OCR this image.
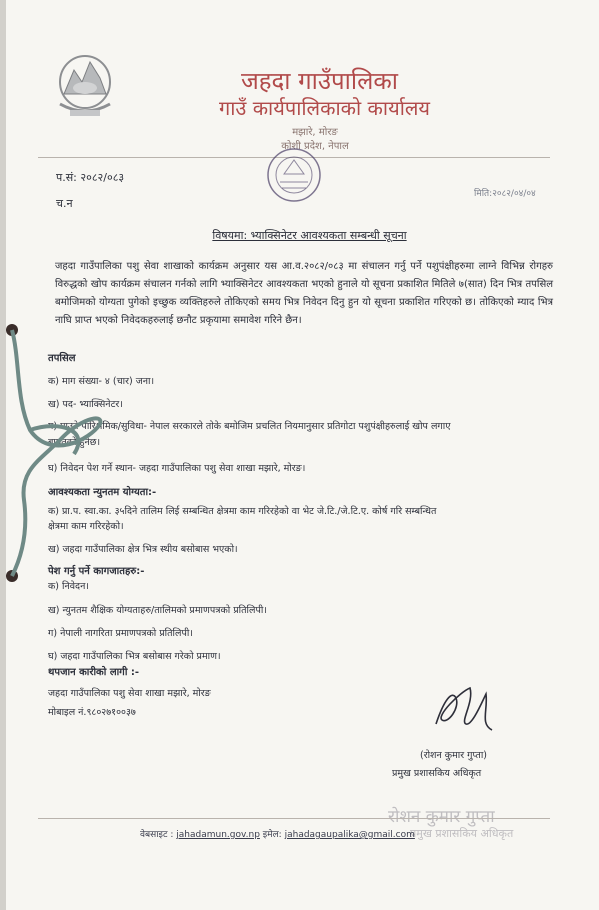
जहदा गाउँपालिका
गाउँ कार्यपालिकाको कार्यालय
मझारे, मोरङ
कोशी प्रदेश, नेपाल
प.सं: २०८२/०८३
च.न
मिति:२०८२/०४/०४
विषयमा: भ्याक्सिनेटर आवश्यकता सम्बन्धी सूचना
जहदा गाउँपालिका पशु सेवा शाखाको कार्यक्रम अनुसार यस आ.व.२०८२/०८३ मा संचालन गर्नु पर्ने पशुपंक्षीहरुमा लाग्ने विभिन्न रोगहरु विरुद्धको खोप कार्यक्रम संचालन गर्नको लागि भ्याक्सिनेटर आवश्यकता भएको हुनाले यो सूचना प्रकाशित मितिले ७(सात) दिन भित्र तपसिल बमोजिमको योग्यता पुगेको इच्छुक व्यक्तिहरुले तोकिएको समय भित्र निवेदन दिनु हुन यो सूचना प्रकाशित गरिएको छ। तोकिएको म्याद भित्र नाघि प्राप्त भएको निवेदकहरुलाई छनौट प्रकृयामा समावेश गरिने छैन।
तपसिल
क) माग संख्या- ४ (चार) जना।
ख) पद- भ्याक्सिनेटर।
ग) पाउने पारिश्रमिक/सुविधा- नेपाल सरकारले तोके बमोजिम प्रचलित नियमानुसार प्रतिगोटा पशुपंक्षीहरुलाई खोप लगाए
बापतको हुनेछ।
घ) निवेदन पेश गर्ने स्थान- जहदा गाउँपालिका पशु सेवा शाखा मझारे, मोरङ।
आवश्यकता न्युनतम योग्यता:-
क) प्रा.प. स्वा.का. ३५दिने तालिम लिई सम्बन्धित क्षेत्रमा काम गरिरहेको वा भेट जे.टि./जे.टि.ए. कोर्ष गरि सम्बन्धित
क्षेत्रमा काम गरिरहेको।
ख) जहदा गाउँपालिका क्षेत्र भित्र स्थीय बसोबास भएको।
पेश गर्नु पर्ने कागजातहरु:-
क) निवेदन।
ख) न्युनतम शैक्षिक योग्यताहरु/तालिमको प्रमाणपत्रको प्रतिलिपी।
ग) नेपाली नागरिता प्रमाणपत्रको प्रतिलिपी।
घ) जहदा गाउँपालिका भित्र बसोबास गरेको प्रमाण।
थपजान कारीको लागी :-
जहदा गाउँपालिका पशु सेवा शाखा मझारे, मोरङ
मोबाइल नं.९८०२७१००३७
(रोशन कुमार गुप्ता)
प्रमुख प्रशासकिय अधिकृत
रोशन कुमार गुप्ता
प्रमुख प्रशासकिय अधिकृत
वेबसाइट : jahadamun.gov.np इमेल: jahadagaupalika@gmail.com
